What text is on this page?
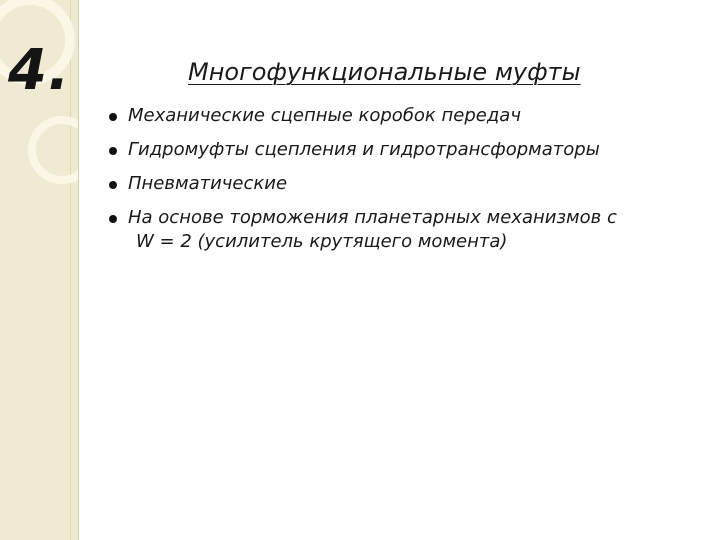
4.	Многофункциональные муфты
Механические сцепные коробок передач
Гидромуфты сцепления и гидротрансформаторы
Пневматические
На основе торможения планетарных механизмов с
W = 2 (усилитель крутящего момента)
